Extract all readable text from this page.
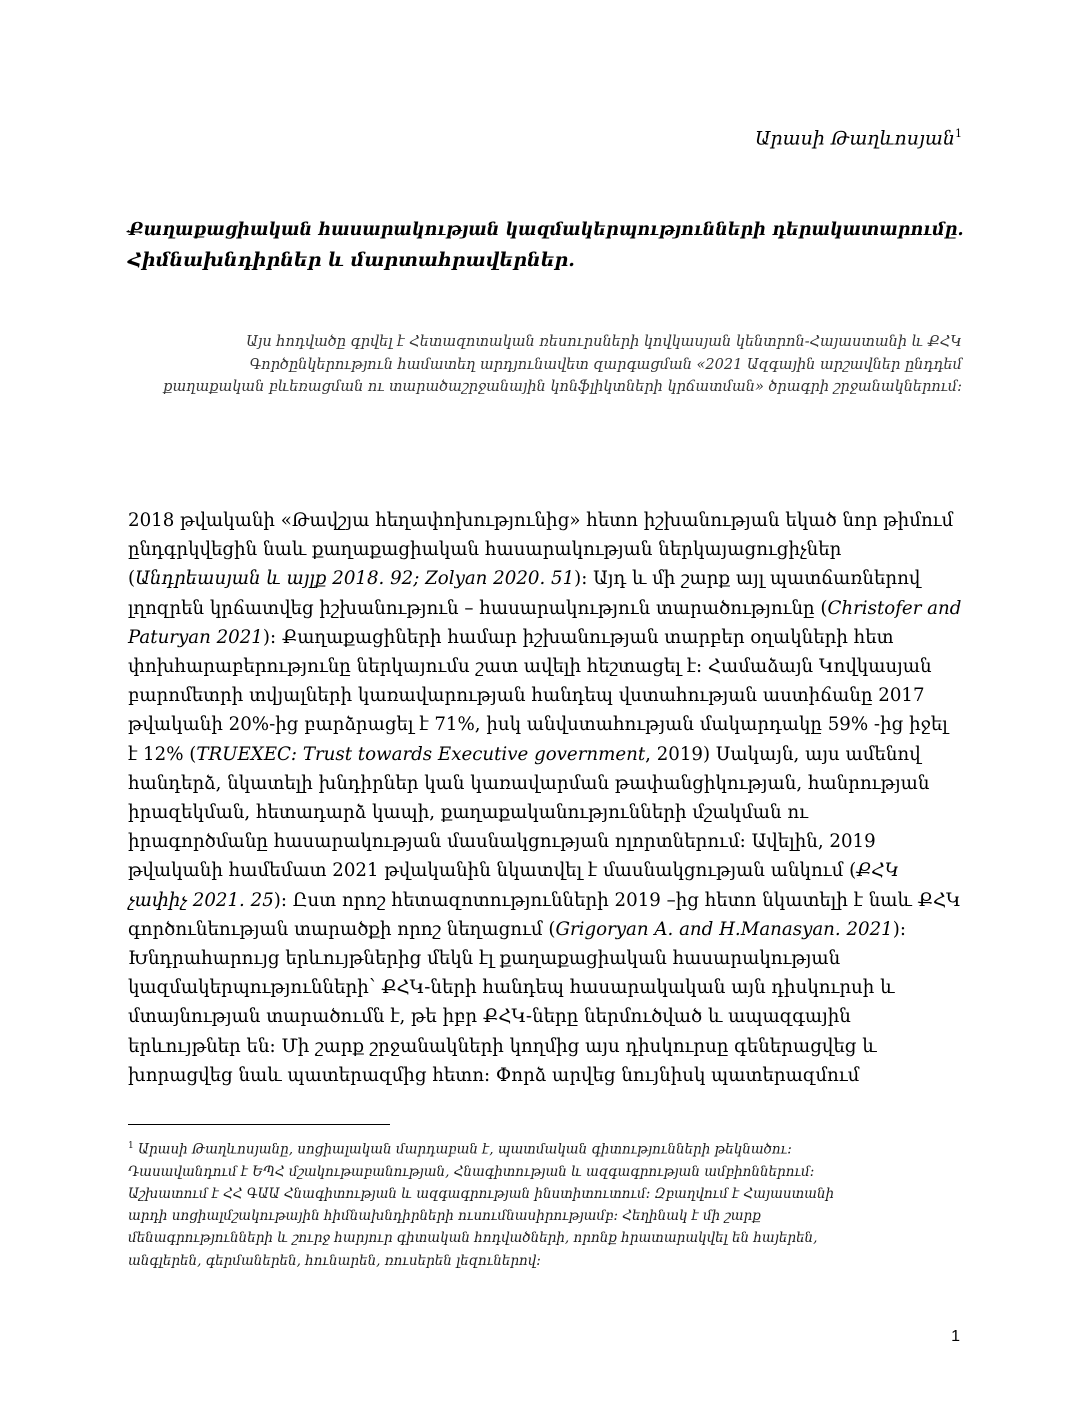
Արասի Թաղևոսյան$^1$
Քաղաքացիական հասարակության կազմակերպությունների դերակատարումը.
Հիմնախնդիրներ և մարտահրավերներ.
Այս հոդվածը գրվել է Հետազոտական ռեսուրսների կովկասյան կենտրոն-Հայաստանի և ՔՀԿ
Գործընկերություն համատեղ արդյունավետ զարգացման «2021 Ազգային արշավներ ընդդեմ
քաղաքական բևեռացման ու տարածաշրջանային կոնֆլիկտների կրճատման» ծրագրի շրջանակներում:
2018 թվականի «Թավշյա հեղափոխությունից» հետո իշխանության եկած նոր թիմում
ընդգրկվեցին նաև քաղաքացիական հասարակության ներկայացուցիչներ
(Անդրեասյան և այլք 2018. 92; Zolyan 2020. 51): Այդ և մի շարք այլ պատճառներով
լղոզրեն կրճատվեց իշխանություն – հասարակություն տարածությունը (Christofer and
Paturyan 2021): Քաղաքացիների համար իշխանության տարբեր օղակների հետ
փոխհարաբերությունը ներկայումս շատ ավելի հեշտացել է: Համաձայն Կովկասյան
բարոմետրի տվյալների կառավարության հանդեպ վստահության աստիճանը 2017
թվականի 20%-ից բարձրացել է 71%, իսկ անվստահության մակարդակը 59% -ից իջել
է 12% (TRUEXEC: Trust towards Executive government, 2019) Սակայն, այս ամենով
հանդերձ, նկատելի խնդիրներ կան կառավարման թափանցիկության, հանրության
իրազեկման, հետադարձ կապի, քաղաքականությունների մշակման ու
իրագործմանը հասարակության մասնակցության ոլորտներում: Ավելին, 2019
թվականի համեմատ 2021 թվականին նկատվել է մասնակցության անկում (ՔՀԿ
չափիչ 2021. 25): Ըստ որոշ հետազոտությունների 2019 –ից հետո նկատելի է նաև ՔՀԿ
գործունեության տարածքի որոշ նեղացում (Grigoryan A. and H.Manasyan. 2021):
Խնդրահարույց երևույթներից մեկն էլ քաղաքացիական հասարակության
կազմակերպությունների՝ ՔՀԿ-ների հանդեպ հասարակական այն դիսկուրսի և
մտայնության տարածումն է, թե իբր ՔՀԿ-ները ներմուծված և ապազգային
երևույթներ են: Մի շարք շրջանակների կողմից այս դիսկուրսը գեներացվեց և
խորացվեց նաև պատերազմից հետո: Փորձ արվեց նույնիսկ պատերազմում
$^1$ Արասի Թաղևոսյանը, սոցիալական մարդաբան է, պատմական գիտությունների թեկնածու:
Դասավանդում է ԵՊՀ մշակութաբանության, Հնագիտության և ազգագրության ամբիոններում:
Աշխատում է ՀՀ ԳԱԱ Հնագիտության և ազգագրության ինստիտուտում: Զբաղվում է Հայաստանի
արդի սոցիալմշակութային հիմնախնդիրների ուսումնասիրությամբ: Հեղինակ է մի շարք
մենագրությունների և շուրջ հարյուր գիտական հոդվածների, որոնք հրատարակվել են հայերեն,
անգլերեն, գերմաներեն, հունարեն, ռուսերեն լեզուներով:
1
